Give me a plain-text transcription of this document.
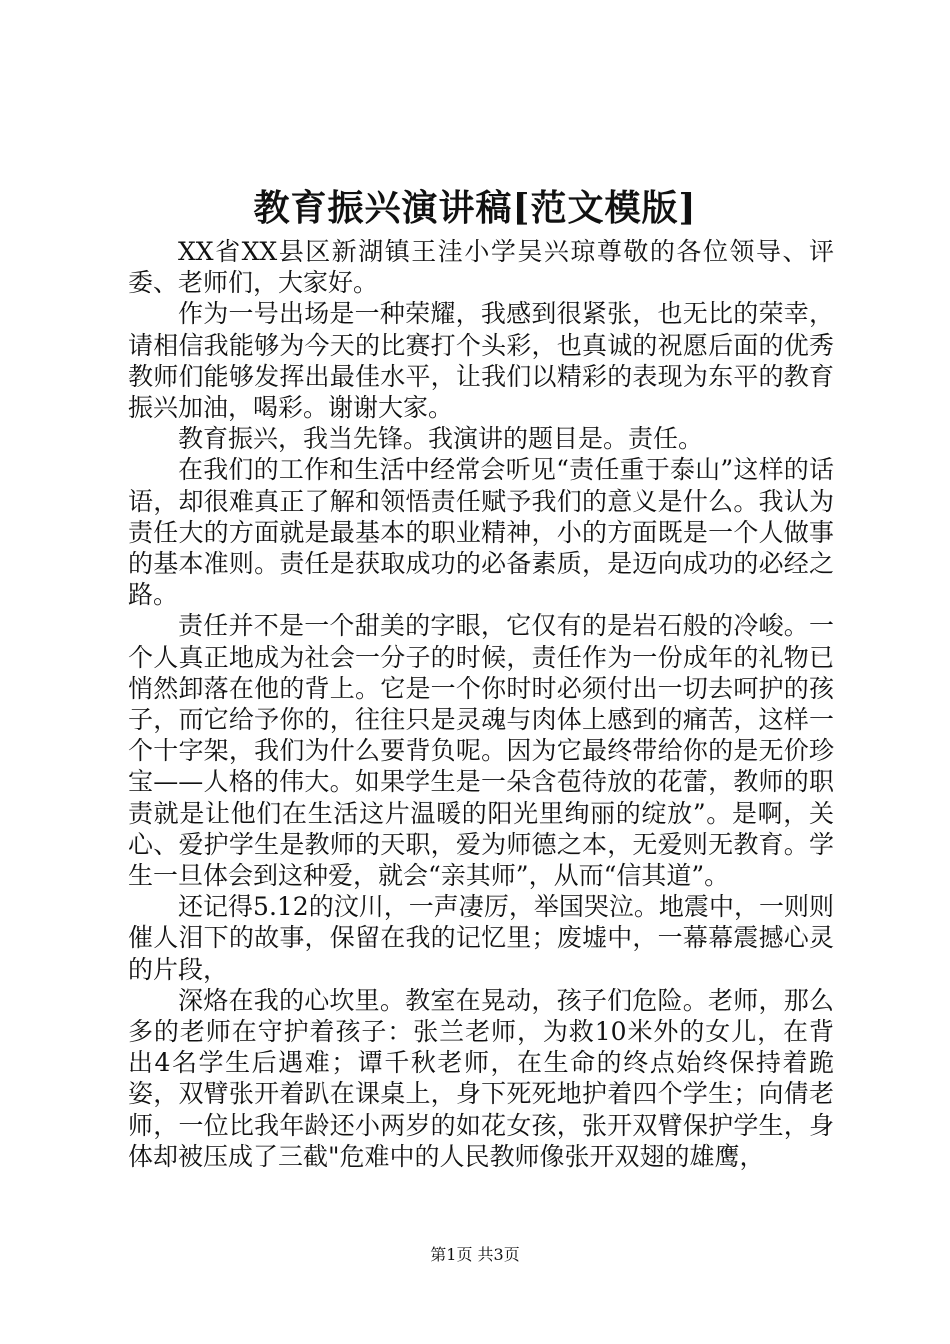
教育振兴演讲稿[范文模版]

XX省XX县区新湖镇王洼小学吴兴琼尊敬的各位领导、评委、老师们，大家好。

作为一号出场是一种荣耀，我感到很紧张，也无比的荣幸，请相信我能够为今天的比赛打个头彩，也真诚的祝愿后面的优秀教师们能够发挥出最佳水平，让我们以精彩的表现为东平的教育振兴加油，喝彩。谢谢大家。

教育振兴，我当先锋。我演讲的题目是。责任。

在我们的工作和生活中经常会听见“责任重于泰山”这样的话语，却很难真正了解和领悟责任赋予我们的意义是什么。我认为责任大的方面就是最基本的职业精神，小的方面既是一个人做事的基本准则。责任是获取成功的必备素质，是迈向成功的必经之路。

责任并不是一个甜美的字眼，它仅有的是岩石般的冷峻。一个人真正地成为社会一分子的时候，责任作为一份成年的礼物已悄然卸落在他的背上。它是一个你时时必须付出一切去呵护的孩子，而它给予你的，往往只是灵魂与肉体上感到的痛苦，这样一个十字架，我们为什么要背负呢。因为它最终带给你的是无价珍宝——人格的伟大。如果学生是一朵含苞待放的花蕾，教师的职责就是让他们在生活这片温暖的阳光里绚丽的绽放”。是啊，关心、爱护学生是教师的天职，爱为师德之本，无爱则无教育。学生一旦体会到这种爱，就会“亲其师”，从而“信其道”。

还记得5.12的汶川，一声凄厉，举国哭泣。地震中，一则则催人泪下的故事，保留在我的记忆里；废墟中，一幕幕震撼心灵的片段，

深烙在我的心坎里。教室在晃动，孩子们危险。老师，那么多的老师在守护着孩子：张兰老师，为救10米外的女儿，在背出4名学生后遇难；谭千秋老师，在生命的终点始终保持着跪姿，双臂张开着趴在课桌上，身下死死地护着四个学生；向倩老师，一位比我年龄还小两岁的如花女孩，张开双臂保护学生，身体却被压成了三截"危难中的人民教师像张开双翅的雄鹰，

第1页 共3页
